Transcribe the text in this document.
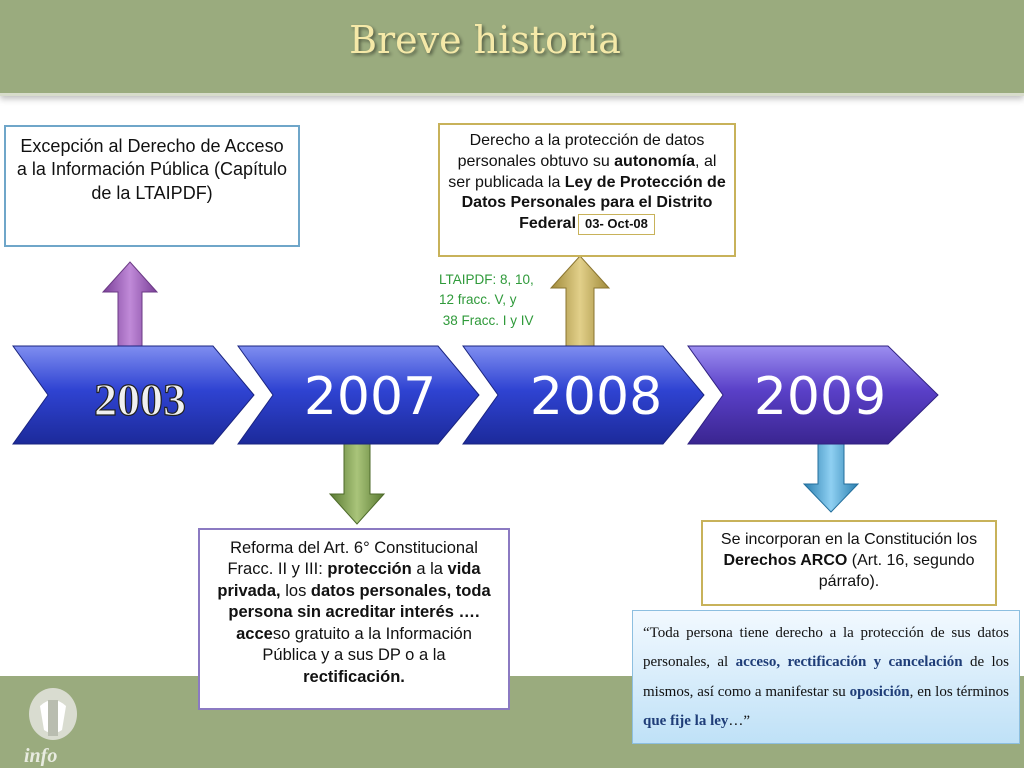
Breve historia
2003 2007 2008 2009
Excepción al Derecho de Acceso a la Información Pública (Capítulo de la LTAIPDF)
Derecho a la protección de datos personales obtuvo su autonomía, al ser publicada la Ley de Protección de Datos Personales para el Distrito Federal 03- Oct-08
LTAIPDF: 8, 10,
12 fracc. V, y
38 Fracc. I y IV
Reforma del Art. 6° Constitucional Fracc. II y III: protección a la vida privada, los datos personales, toda persona sin acreditar interés …. acceso gratuito a la Información Pública y a sus DP o a la rectificación.
Se incorporan en la Constitución los Derechos ARCO (Art. 16, segundo párrafo).
“Toda persona tiene derecho a la protección de sus datos personales, al acceso, rectificación y cancelación de los mismos, así como a manifestar su oposición, en los términos que fije la ley…”
info
